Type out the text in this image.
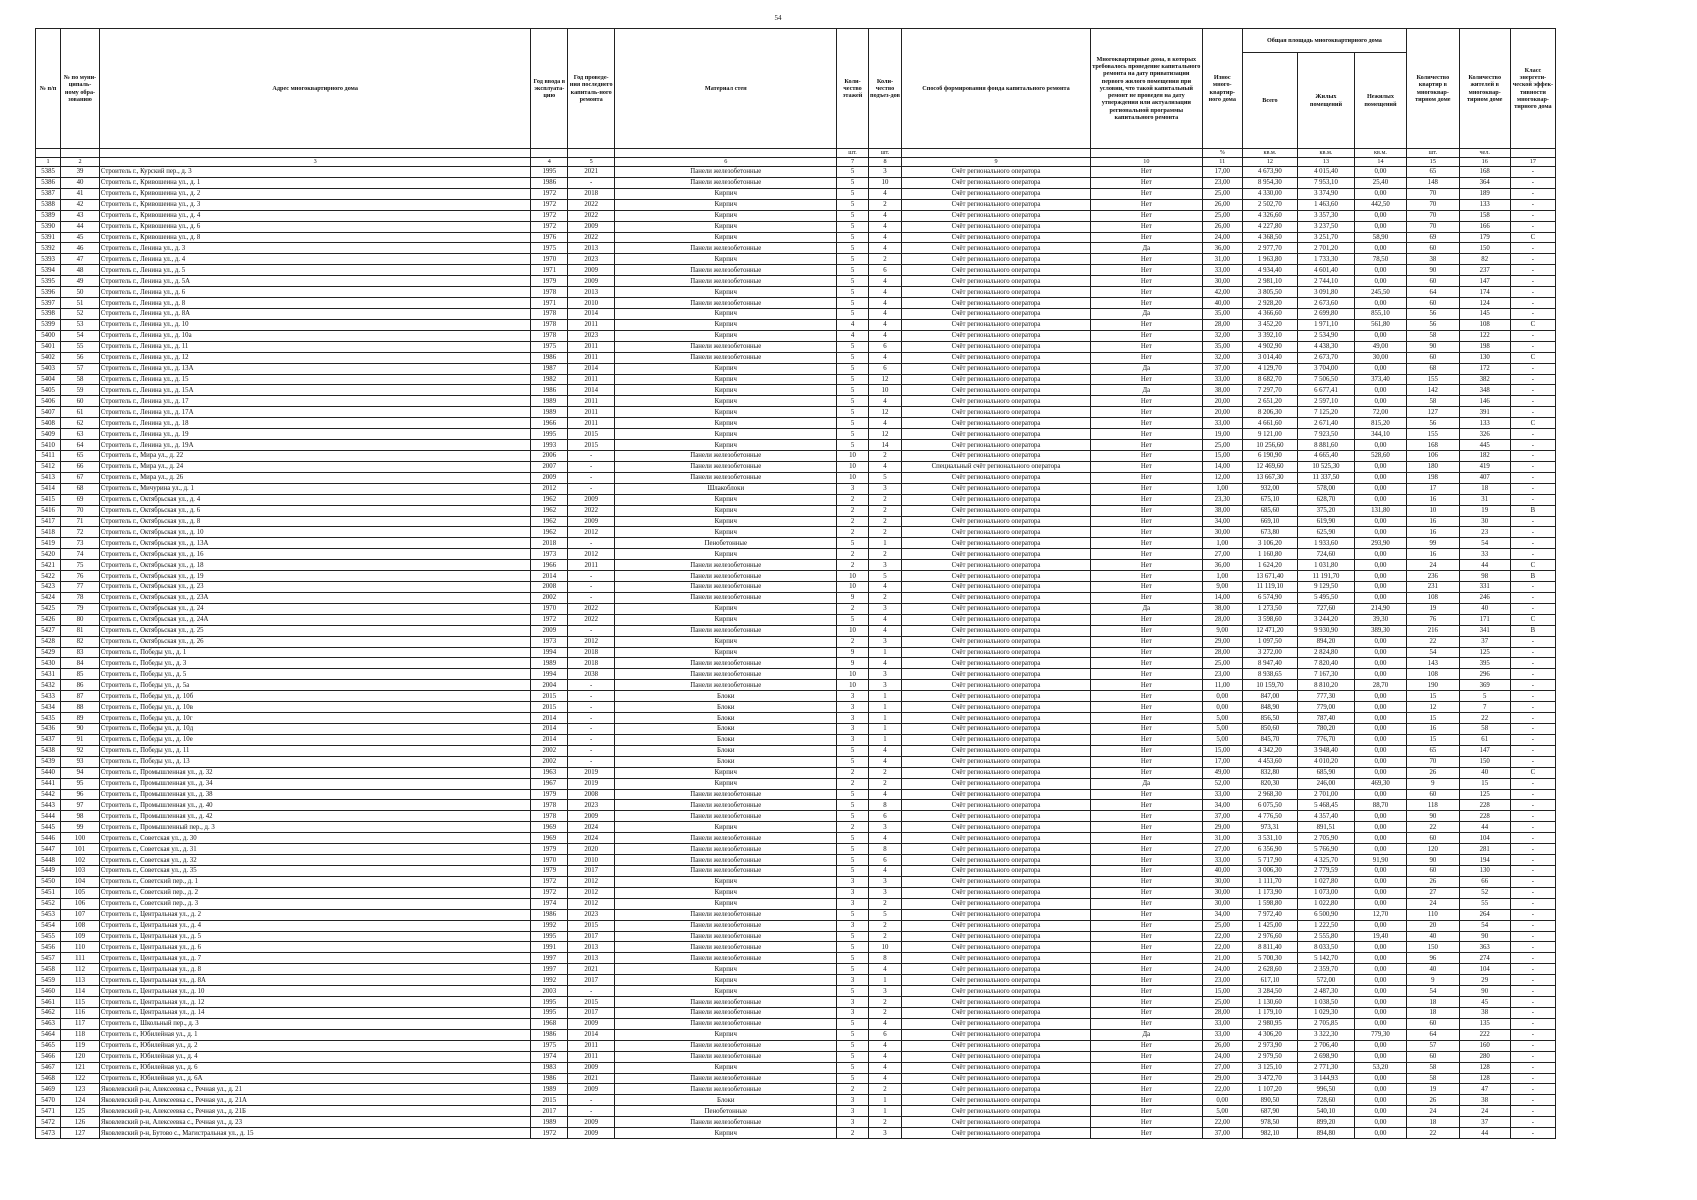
54
№ п/п	№ по муни-ципаль-ному обра-зованию	Адрес многоквартирного дома	Год ввода в эксплуата-цию	Год проведе-ния последнего капиталь-ного ремонта	Материал стен	Коли-чество этажей	Коли-чество подъез-дов	Способ формирования фонда капитального ремонта	Многоквартирные дома, в которых требовалось проведение капитального ремонта на дату приватизации первого жилого помещения при условии, что такой капитальный ремонт не проведен на дату утверждения или актуализации региональной программы капитального ремонта	Износ много-квартир-ного дома	Общая площадь многоквартирного дома			Количество квартир в многоквар-тирном доме	Количество жителей в многоквар-тирном доме	Класс энергети-ческой эффек-тивности многоквар-тирного дома
											Всего	Жилых помещений	Нежилых помещений			
						шт.	шт.			%	кв.м.	кв.м.	кв.м.	шт.	чел.	
1	2	3	4	5	6	7	8	9	10	11	12	13	14	15	16	17
5385	39	Строитель г., Курский пер., д. 3	1995	2021	Панели железобетонные	5	3	Счёт регионального оператора	Нет	17,00	4 673,90	4 015,40	0,00	65	168	-
5386	40	Строитель г., Кривошеина ул., д. 1	1986	-	Панели железобетонные	5	10	Счёт регионального оператора	Нет	23,00	8 954,30	7 953,10	25,40	148	364	-
5387	41	Строитель г., Кривошеина ул., д. 2	1972	2018	Кирпич	5	4	Счёт регионального оператора	Нет	25,00	4 330,00	3 374,90	0,00	70	189	-
5388	42	Строитель г., Кривошеина ул., д. 3	1972	2022	Кирпич	5	2	Счёт регионального оператора	Нет	26,00	2 502,70	1 463,60	442,50	70	133	-
5389	43	Строитель г., Кривошеина ул., д. 4	1972	2022	Кирпич	5	4	Счёт регионального оператора	Нет	25,00	4 326,60	3 357,30	0,00	70	158	-
5390	44	Строитель г., Кривошеина ул., д. 6	1972	2009	Кирпич	5	4	Счёт регионального оператора	Нет	26,00	4 227,80	3 237,50	0,00	70	166	-
5391	45	Строитель г., Кривошеина ул., д. 8	1976	2022	Кирпич	5	4	Счёт регионального оператора	Нет	24,00	4 368,50	3 251,70	58,90	69	179	С
5392	46	Строитель г., Ленина ул., д. 3	1975	2013	Панели железобетонные	5	4	Счёт регионального оператора	Да	36,00	2 977,70	2 701,20	0,00	60	150	-
5393	47	Строитель г., Ленина ул., д. 4	1970	2023	Кирпич	5	2	Счёт регионального оператора	Нет	31,00	1 963,80	1 733,30	78,50	38	82	-
5394	48	Строитель г., Ленина ул., д. 5	1971	2009	Панели железобетонные	5	6	Счёт регионального оператора	Нет	33,00	4 934,40	4 601,40	0,00	90	237	-
5395	49	Строитель г., Ленина ул., д. 5А	1979	2009	Панели железобетонные	5	4	Счёт регионального оператора	Нет	30,00	2 981,10	2 744,10	0,00	60	147	-
5396	50	Строитель г., Ленина ул., д. 6	1978	2013	Кирпич	5	4	Счёт регионального оператора	Нет	42,00	3 805,50	3 091,80	245,50	64	174	-
5397	51	Строитель г., Ленина ул., д. 8	1971	2010	Панели железобетонные	5	4	Счёт регионального оператора	Нет	40,00	2 928,20	2 673,60	0,00	60	124	-
5398	52	Строитель г., Ленина ул., д. 8А	1978	2014	Кирпич	5	4	Счёт регионального оператора	Да	35,00	4 366,60	2 699,80	855,10	56	145	-
5399	53	Строитель г., Ленина ул., д. 10	1978	2011	Кирпич	4	4	Счёт регионального оператора	Нет	28,00	3 452,20	1 971,10	561,80	56	108	С
5400	54	Строитель г., Ленина ул., д. 10а	1978	2023	Кирпич	4	4	Счёт регионального оператора	Нет	32,00	3 392,10	2 534,90	0,00	58	122	-
5401	55	Строитель г., Ленина ул., д. 11	1975	2011	Панели железобетонные	5	6	Счёт регионального оператора	Нет	35,00	4 902,90	4 438,30	49,00	90	198	-
5402	56	Строитель г., Ленина ул., д. 12	1986	2011	Панели железобетонные	5	4	Счёт регионального оператора	Нет	32,00	3 014,40	2 673,70	30,00	60	130	С
5403	57	Строитель г., Ленина ул., д. 13А	1987	2014	Кирпич	5	6	Счёт регионального оператора	Да	37,00	4 129,70	3 704,00	0,00	68	172	-
5404	58	Строитель г., Ленина ул., д. 15	1982	2011	Кирпич	5	12	Счёт регионального оператора	Нет	33,00	8 682,70	7 506,50	373,40	155	382	-
5405	59	Строитель г., Ленина ул., д. 15А	1986	2014	Кирпич	5	10	Счёт регионального оператора	Да	38,00	7 297,70	6 677,41	0,00	142	348	-
5406	60	Строитель г., Ленина ул., д. 17	1989	2011	Кирпич	5	4	Счёт регионального оператора	Нет	20,00	2 651,20	2 597,10	0,00	58	146	-
5407	61	Строитель г., Ленина ул., д. 17А	1989	2011	Кирпич	5	12	Счёт регионального оператора	Нет	20,00	8 206,30	7 125,20	72,00	127	391	-
5408	62	Строитель г., Ленина ул., д. 18	1966	2011	Кирпич	5	4	Счёт регионального оператора	Нет	33,00	4 661,60	2 671,40	815,20	56	133	С
5409	63	Строитель г., Ленина ул., д. 19	1995	2015	Кирпич	5	12	Счёт регионального оператора	Нет	19,00	9 121,00	7 923,50	344,10	155	326	-
5410	64	Строитель г., Ленина ул., д. 19А	1993	2015	Кирпич	5	14	Счёт регионального оператора	Нет	25,00	10 256,60	8 881,60	0,00	168	445	-
5411	65	Строитель г., Мира ул., д. 22	2006	-	Панели железобетонные	10	2	Счёт регионального оператора	Нет	15,00	6 190,90	4 665,40	528,60	106	182	-
5412	66	Строитель г., Мира ул., д. 24	2007	-	Панели железобетонные	10	4	Специальный счёт регионального оператора	Нет	14,00	12 469,60	10 525,30	0,00	180	419	-
5413	67	Строитель г., Мира ул., д. 26	2009	-	Панели железобетонные	10	5	Счёт регионального оператора	Нет	12,00	13 667,30	11 337,50	0,00	198	407	-
5414	68	Строитель г., Мичурина ул., д. 1	2012	-	Шлакоблоки	3	3	Счёт регионального оператора	Нет	1,00	932,00	578,00	0,00	17	18	-
5415	69	Строитель г., Октябрьская ул., д. 4	1962	2009	Кирпич	2	2	Счёт регионального оператора	Нет	23,30	675,10	628,70	0,00	16	31	-
5416	70	Строитель г., Октябрьская ул., д. 6	1962	2022	Кирпич	2	2	Счёт регионального оператора	Нет	38,00	685,60	375,20	131,80	10	19	В
5417	71	Строитель г., Октябрьская ул., д. 8	1962	2009	Кирпич	2	2	Счёт регионального оператора	Нет	34,00	669,10	619,90	0,00	16	30	-
5418	72	Строитель г., Октябрьская ул., д. 10	1962	2012	Кирпич	2	2	Счёт регионального оператора	Нет	30,00	673,80	625,90	0,00	16	23	-
5419	73	Строитель г., Октябрьская ул., д. 13А	2018	-	Пенобетонные	5	1	Счёт регионального оператора	Нет	1,00	3 106,20	1 933,60	293,90	99	54	-
5420	74	Строитель г., Октябрьская ул., д. 16	1973	2012	Кирпич	2	2	Счёт регионального оператора	Нет	27,00	1 160,80	724,60	0,00	16	33	-
5421	75	Строитель г., Октябрьская ул., д. 18	1966	2011	Панели железобетонные	2	3	Счёт регионального оператора	Нет	36,00	1 624,20	1 031,80	0,00	24	44	С
5422	76	Строитель г., Октябрьская ул., д. 19	2014	-	Панели железобетонные	10	5	Счёт регионального оператора	Нет	1,00	13 671,40	11 191,70	0,00	236	98	В
5423	77	Строитель г., Октябрьская ул., д. 23	2008	-	Панели железобетонные	10	4	Счёт регионального оператора	Нет	9,00	11 119,10	9 129,50	0,00	231	331	-
5424	78	Строитель г., Октябрьская ул., д. 23А	2002	-	Панели железобетонные	9	2	Счёт регионального оператора	Нет	14,00	6 574,90	5 495,50	0,00	108	246	-
5425	79	Строитель г., Октябрьская ул., д. 24	1970	2022	Кирпич	2	3	Счёт регионального оператора	Да	38,00	1 273,50	727,60	214,90	19	40	-
5426	80	Строитель г., Октябрьская ул., д. 24А	1972	2022	Кирпич	5	4	Счёт регионального оператора	Нет	28,00	3 598,60	3 244,20	39,30	76	171	С
5427	81	Строитель г., Октябрьская ул., д. 25	2009	-	Панели железобетонные	10	4	Счёт регионального оператора	Нет	9,00	12 471,20	9 930,90	389,30	216	341	В
5428	82	Строитель г., Октябрьская ул., д. 26	1973	2012	Кирпич	2	3	Счёт регионального оператора	Нет	29,00	1 097,50	894,20	0,00	22	37	-
5429	83	Строитель г., Победы ул., д. 1	1994	2018	Кирпич	9	1	Счёт регионального оператора	Нет	28,00	3 272,00	2 824,80	0,00	54	125	-
5430	84	Строитель г., Победы ул., д. 3	1989	2018	Панели железобетонные	9	4	Счёт регионального оператора	Нет	25,00	8 947,40	7 820,40	0,00	143	395	-
5431	85	Строитель г., Победы ул., д. 5	1994	2038	Панели железобетонные	10	3	Счёт регионального оператора	Нет	23,00	8 938,65	7 167,30	0,00	108	296	-
5432	86	Строитель г., Победы ул., д. 5а	2004	-	Панели железобетонные	10	3	Счёт регионального оператора	Нет	11,00	10 159,70	8 810,20	28,70	190	369	-
5433	87	Строитель г., Победы ул., д. 10б	2015	-	Блоки	3	1	Счёт регионального оператора	Нет	0,00	847,00	777,30	0,00	15	5	-
5434	88	Строитель г., Победы ул., д. 10в	2015	-	Блоки	3	1	Счёт регионального оператора	Нет	0,00	848,90	779,00	0,00	12	7	-
5435	89	Строитель г., Победы ул., д. 10г	2014	-	Блоки	3	1	Счёт регионального оператора	Нет	5,00	856,50	787,40	0,00	15	22	-
5436	90	Строитель г., Победы ул., д. 10д	2014	-	Блоки	3	1	Счёт регионального оператора	Нет	5,00	850,60	780,20	0,00	16	58	-
5437	91	Строитель г., Победы ул., д. 10е	2014	-	Блоки	3	1	Счёт регионального оператора	Нет	5,00	845,70	776,70	0,00	15	61	-
5438	92	Строитель г., Победы ул., д. 11	2002	-	Блоки	5	4	Счёт регионального оператора	Нет	15,00	4 342,20	3 948,40	0,00	65	147	-
5439	93	Строитель г., Победы ул., д. 13	2002	-	Блоки	5	4	Счёт регионального оператора	Нет	17,00	4 453,60	4 010,20	0,00	70	150	-
5440	94	Строитель г., Промышленная ул., д. 32	1963	2019	Кирпич	2	2	Счёт регионального оператора	Нет	49,00	832,80	685,90	0,00	26	40	С
5441	95	Строитель г., Промышленная ул., д. 34	1967	2019	Кирпич	2	2	Счёт регионального оператора	Да	52,00	820,30	246,00	469,30	9	15	-
5442	96	Строитель г., Промышленная ул., д. 38	1979	2008	Панели железобетонные	5	4	Счёт регионального оператора	Нет	33,00	2 968,30	2 701,00	0,00	60	125	-
5443	97	Строитель г., Промышленная ул., д. 40	1978	2023	Панели железобетонные	5	8	Счёт регионального оператора	Нет	34,00	6 075,50	5 468,45	88,70	118	228	-
5444	98	Строитель г., Промышленная ул., д. 42	1978	2009	Панели железобетонные	5	6	Счёт регионального оператора	Нет	37,00	4 776,50	4 357,40	0,00	90	228	-
5445	99	Строитель г., Промышленный пер., д. 3	1969	2024	Кирпич	2	3	Счёт регионального оператора	Нет	29,00	973,31	891,51	0,00	22	44	-
5446	100	Строитель г., Советская ул., д. 30	1969	2024	Панели железобетонные	5	4	Счёт регионального оператора	Нет	31,00	3 531,10	2 705,90	0,00	60	104	-
5447	101	Строитель г., Советская ул., д. 31	1979	2020	Панели железобетонные	5	8	Счёт регионального оператора	Нет	27,00	6 356,90	5 766,90	0,00	120	281	-
5448	102	Строитель г., Советская ул., д. 32	1970	2010	Панели железобетонные	5	6	Счёт регионального оператора	Нет	33,00	5 717,90	4 325,70	91,90	90	194	-
5449	103	Строитель г., Советская ул., д. 35	1979	2017	Панели железобетонные	5	4	Счёт регионального оператора	Нет	40,00	3 006,30	2 779,59	0,00	60	130	-
5450	104	Строитель г., Советский пер., д. 1	1972	2012	Кирпич	3	3	Счёт регионального оператора	Нет	30,00	1 111,70	1 027,80	0,00	26	66	-
5451	105	Строитель г., Советский пер., д. 2	1972	2012	Кирпич	3	3	Счёт регионального оператора	Нет	30,00	1 173,90	1 073,00	0,00	27	52	-
5452	106	Строитель г., Советский пер., д. 3	1974	2012	Кирпич	3	2	Счёт регионального оператора	Нет	30,00	1 598,80	1 022,80	0,00	24	55	-
5453	107	Строитель г., Центральная ул., д. 2	1986	2023	Панели железобетонные	5	5	Счёт регионального оператора	Нет	34,00	7 972,40	6 500,90	12,70	110	264	-
5454	108	Строитель г., Центральная ул., д. 4	1992	2015	Панели железобетонные	3	2	Счёт регионального оператора	Нет	25,00	1 425,00	1 222,50	0,00	20	54	-
5455	109	Строитель г., Центральная ул., д. 5	1995	2017	Панели железобетонные	5	2	Счёт регионального оператора	Нет	22,00	2 976,60	2 555,80	19,40	40	90	-
5456	110	Строитель г., Центральная ул., д. 6	1991	2013	Панели железобетонные	5	10	Счёт регионального оператора	Нет	22,00	8 811,40	8 033,50	0,00	150	363	-
5457	111	Строитель г., Центральная ул., д. 7	1997	2013	Панели железобетонные	5	8	Счёт регионального оператора	Нет	21,00	5 700,30	5 142,70	0,00	96	274	-
5458	112	Строитель г., Центральная ул., д. 8	1997	2021	Кирпич	5	4	Счёт регионального оператора	Нет	24,00	2 628,60	2 359,70	0,00	40	104	-
5459	113	Строитель г., Центральная ул., д. 8А	1992	2017	Кирпич	3	1	Счёт регионального оператора	Нет	23,00	617,10	572,00	0,00	9	29	-
5460	114	Строитель г., Центральная ул., д. 10	2003	-	Кирпич	5	3	Счёт регионального оператора	Нет	15,00	3 284,50	2 487,30	0,00	54	90	-
5461	115	Строитель г., Центральная ул., д. 12	1995	2015	Панели железобетонные	3	2	Счёт регионального оператора	Нет	25,00	1 130,60	1 038,50	0,00	18	45	-
5462	116	Строитель г., Центральная ул., д. 14	1995	2017	Панели железобетонные	3	2	Счёт регионального оператора	Нет	28,00	1 179,10	1 029,30	0,00	18	38	-
5463	117	Строитель г., Школьный пер., д. 3	1968	2009	Панели железобетонные	5	4	Счёт регионального оператора	Нет	33,00	2 980,95	2 705,85	0,00	60	135	-
5464	118	Строитель г., Юбилейная ул., д. 1	1986	2014	Кирпич	5	6	Счёт регионального оператора	Да	33,00	4 306,20	3 322,30	779,30	64	222	-
5465	119	Строитель г., Юбилейная ул., д. 2	1975	2011	Панели железобетонные	5	4	Счёт регионального оператора	Нет	26,00	2 973,90	2 706,40	0,00	57	160	-
5466	120	Строитель г., Юбилейная ул., д. 4	1974	2011	Панели железобетонные	5	4	Счёт регионального оператора	Нет	24,00	2 979,50	2 698,90	0,00	60	280	-
5467	121	Строитель г., Юбилейная ул., д. 6	1983	2009	Кирпич	5	4	Счёт регионального оператора	Нет	27,00	3 125,10	2 771,30	53,20	58	128	-
5468	122	Строитель г., Юбилейная ул., д. 6А	1986	2021	Панели железобетонные	5	4	Счёт регионального оператора	Нет	29,00	3 472,70	3 144,93	0,00	58	128	-
5469	123	Яковлевский р-н, Алексеевка с., Речная ул., д. 21	1989	2009	Панели железобетонные	2	2	Счёт регионального оператора	Нет	22,00	1 107,20	996,50	0,00	19	47	-
5470	124	Яковлевский р-н, Алексеевка с., Речная ул., д. 21А	2015	-	Блоки	3	1	Счёт регионального оператора	Нет	0,00	890,50	728,60	0,00	26	38	-
5471	125	Яковлевский р-н, Алексеевка с., Речная ул., д. 21Б	2017	-	Пенобетонные	3	1	Счёт регионального оператора	Нет	5,00	687,90	540,10	0,00	24	24	-
5472	126	Яковлевский р-н, Алексеевка с., Речная ул., д. 23	1989	2009	Панели железобетонные	3	2	Счёт регионального оператора	Нет	22,00	978,50	899,20	0,00	18	37	-
5473	127	Яковлевский р-н, Бутово с., Магистральная ул., д. 15	1972	2009	Кирпич	2	3	Счёт регионального оператора	Нет	37,00	982,10	894,80	0,00	22	44	-
